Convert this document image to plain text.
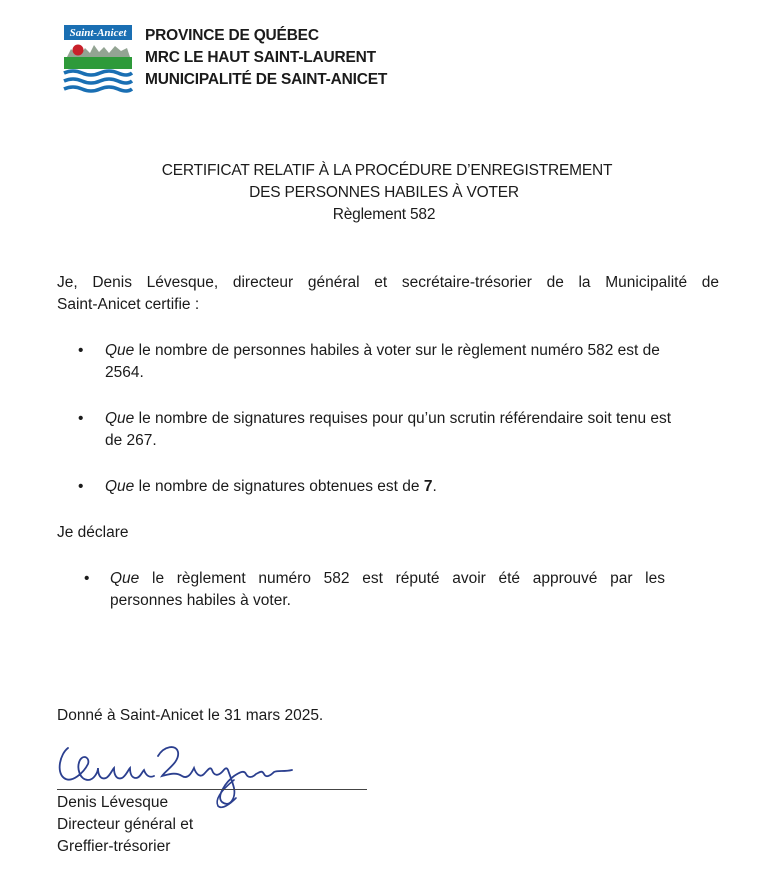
Saint-Anicet PROVINCE DE QUÉBEC
MRC LE HAUT SAINT-LAURENT
MUNICIPALITÉ DE SAINT-ANICET
CERTIFICAT RELATIF À LA PROCÉDURE D’ENREGISTREMENT
DES PERSONNES HABILES À VOTER
Règlement 582
Je, Denis Lévesque, directeur général et secrétaire-trésorier de la Municipalité de
Saint-Anicet certifie :
• Que le nombre de personnes habiles à voter sur le règlement numéro 582 est de 2564.
• Que le nombre de signatures requises pour qu’un scrutin référendaire soit tenu est de 267.
• Que le nombre de signatures obtenues est de 7.
Je déclare
• Que le règlement numéro 582 est réputé avoir été approuvé par les
personnes habiles à voter.
Donné à Saint-Anicet le 31 mars 2025.
Denis Lévesque
Directeur général et
Greffier-trésorier
